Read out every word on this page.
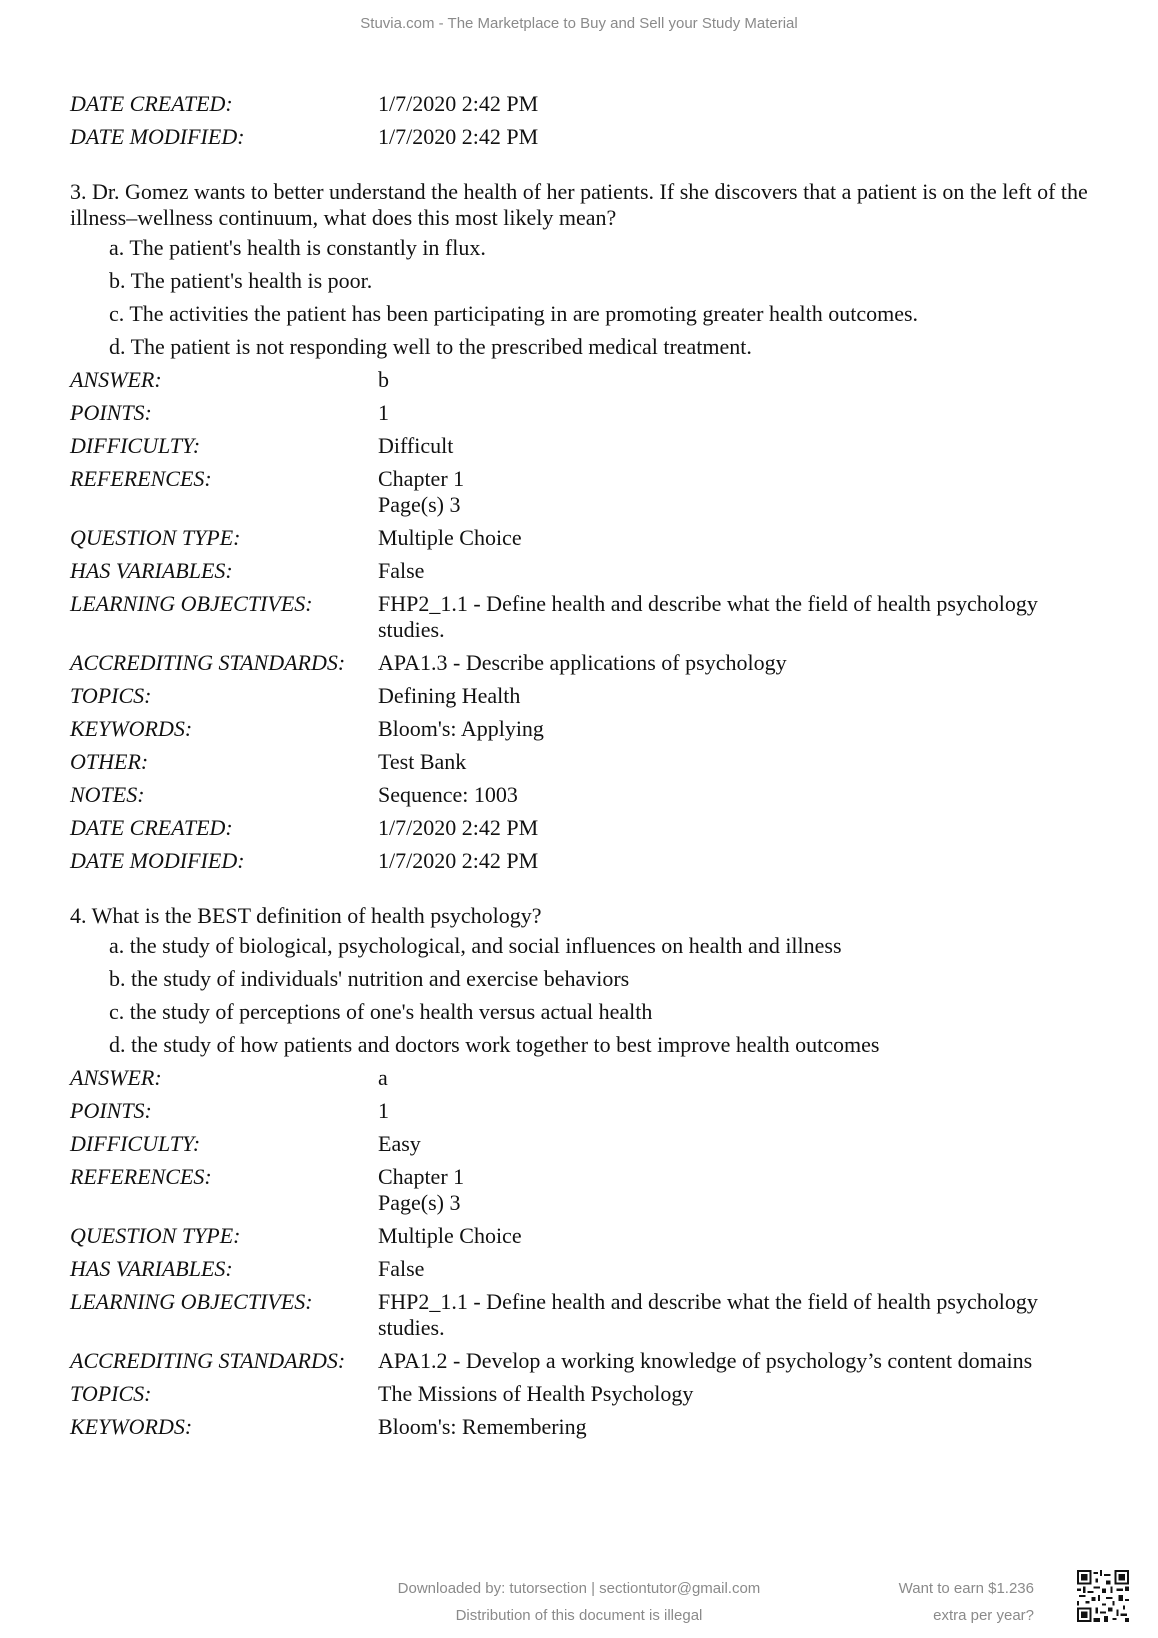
Stuvia.com - The Marketplace to Buy and Sell your Study Material
DATE CREATED:	1/7/2020 2:42 PM
DATE MODIFIED:	1/7/2020 2:42 PM
3. Dr. Gomez wants to better understand the health of her patients. If she discovers that a patient is on the left of the illness–wellness continuum, what does this most likely mean?
a. The patient's health is constantly in flux.
b. The patient's health is poor.
c. The activities the patient has been participating in are promoting greater health outcomes.
d. The patient is not responding well to the prescribed medical treatment.
ANSWER:	b
POINTS:	1
DIFFICULTY:	Difficult
REFERENCES:	Chapter 1
Page(s) 3
QUESTION TYPE:	Multiple Choice
HAS VARIABLES:	False
LEARNING OBJECTIVES:	FHP2_1.1 - Define health and describe what the field of health psychology
studies.
ACCREDITING STANDARDS:	APA1.3 - Describe applications of psychology
TOPICS:	Defining Health
KEYWORDS:	Bloom's: Applying
OTHER:	Test Bank
NOTES:	Sequence: 1003
DATE CREATED:	1/7/2020 2:42 PM
DATE MODIFIED:	1/7/2020 2:42 PM
4. What is the BEST definition of health psychology?
a. the study of biological, psychological, and social influences on health and illness
b. the study of individuals' nutrition and exercise behaviors
c. the study of perceptions of one's health versus actual health
d. the study of how patients and doctors work together to best improve health outcomes
ANSWER:	a
POINTS:	1
DIFFICULTY:	Easy
REFERENCES:	Chapter 1
Page(s) 3
QUESTION TYPE:	Multiple Choice
HAS VARIABLES:	False
LEARNING OBJECTIVES:	FHP2_1.1 - Define health and describe what the field of health psychology
studies.
ACCREDITING STANDARDS:	APA1.2 - Develop a working knowledge of psychology’s content domains
TOPICS:	The Missions of Health Psychology
KEYWORDS:	Bloom's: Remembering
Downloaded by: tutorsection | sectiontutor@gmail.com
Distribution of this document is illegal
Want to earn $1.236
extra per year?
